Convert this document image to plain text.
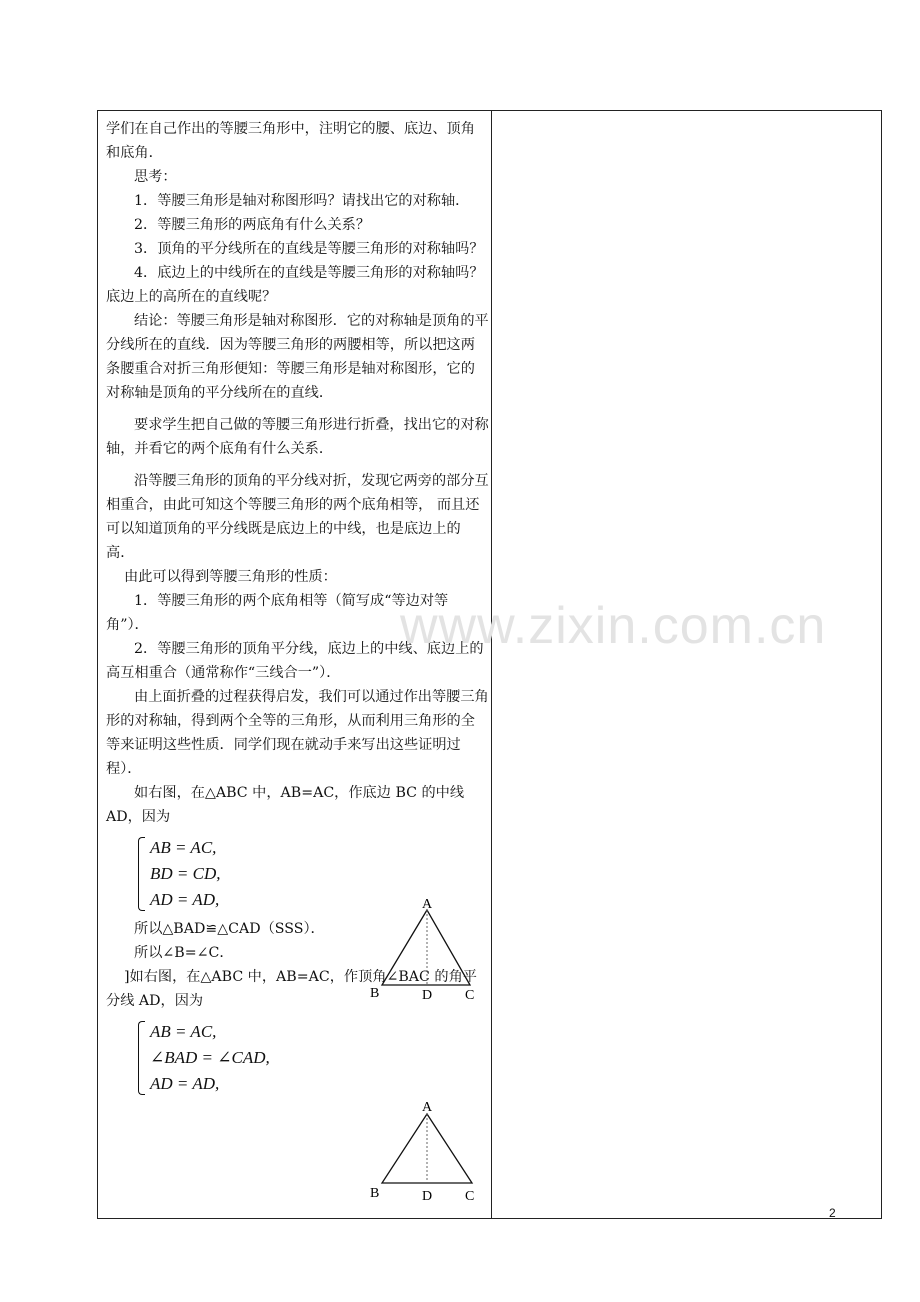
学们在自己作出的等腰三角形中，注明它的腰、底边、顶角和底角．

思考：

1．等腰三角形是轴对称图形吗？请找出它的对称轴．

2．等腰三角形的两底角有什么关系？

3．顶角的平分线所在的直线是等腰三角形的对称轴吗？

4．底边上的中线所在的直线是等腰三角形的对称轴吗？ 底边上的高所在的直线呢？

结论：等腰三角形是轴对称图形．它的对称轴是顶角的平分线所在的直线．因为等腰三角形的两腰相等，所以把这两条腰重合对折三角形便知：等腰三角形是轴对称图形，它的对称轴是顶角的平分线所在的直线．

要求学生把自己做的等腰三角形进行折叠，找出它的对称轴，并看它的两个底角有什么关系．

沿等腰三角形的顶角的平分线对折，发现它两旁的部分互相重合，由此可知这个等腰三角形的两个底角相等， 而且还可以知道顶角的平分线既是底边上的中线，也是底边上的高．

由此可以得到等腰三角形的性质：

1．等腰三角形的两个底角相等（简写成“等边对等角”）．

2．等腰三角形的顶角平分线，底边上的中线、底边上的高互相重合（通常称作“三线合一”）．

由上面折叠的过程获得启发，我们可以通过作出等腰三角形的对称轴，得到两个全等的三角形，从而利用三角形的全等来证明这些性质．同学们现在就动手来写出这些证明过程）．

如右图，在△ABC 中，AB=AC，作底边 BC 的中线 AD，因为

AB = AC,
BD = CD,
AD = AD,

所以△BAD≌△CAD（SSS）．

所以∠B=∠C．

]如右图，在△ABC 中，AB=AC，作顶角∠BAC 的角平分线 AD，因为

AB = AC,
∠BAD = ∠CAD,
AD = AD,
A
B	D C
A
B	D C
www.zixin.com.cn
2
